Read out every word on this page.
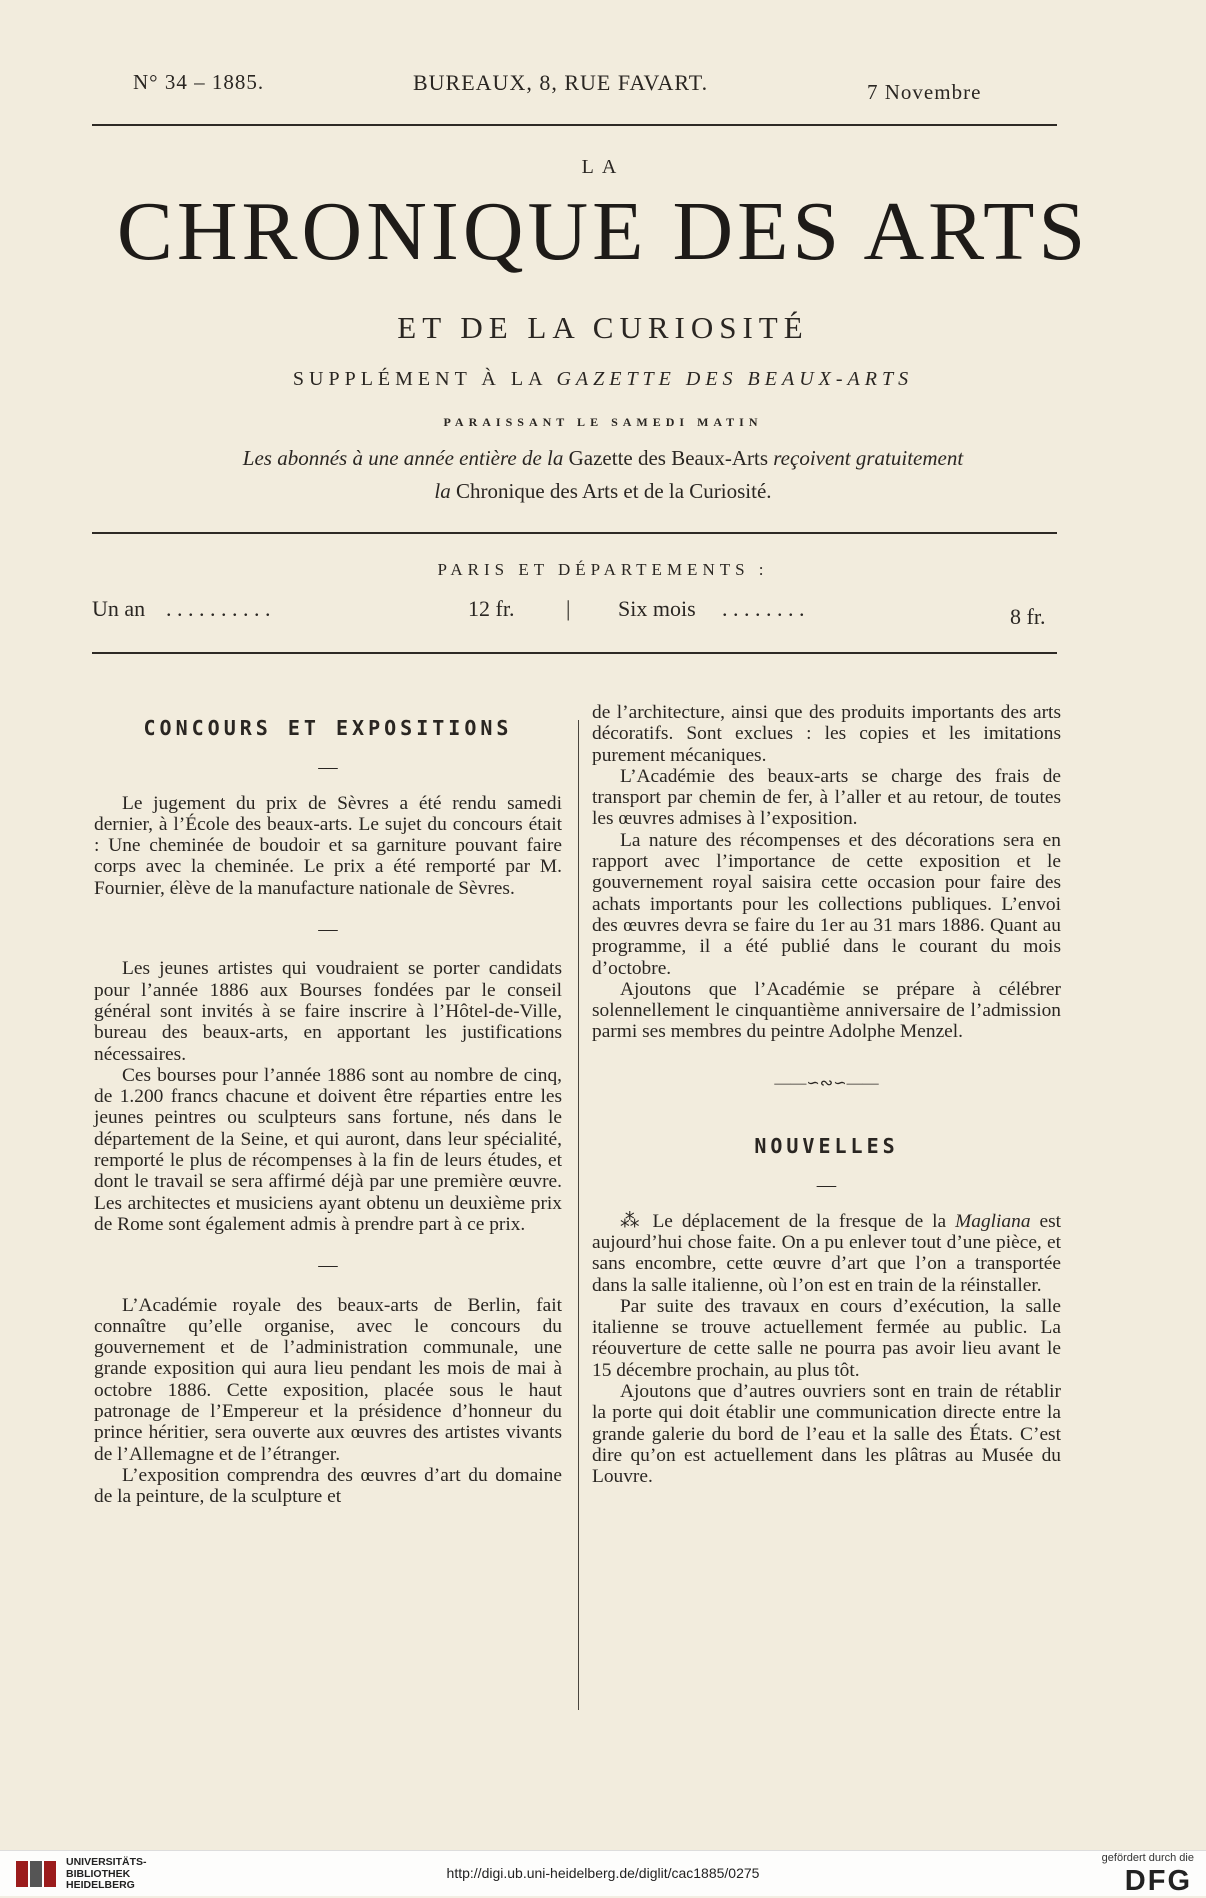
N° 34 – 1885.	BUREAUX, 8, RUE FAVART.	7 Novembre
LA
CHRONIQUE DES ARTS
ET DE LA CURIOSITÉ
SUPPLÉMENT À LA GAZETTE DES BEAUX-ARTS
PARAISSANT LE SAMEDI MATIN
Les abonnés à une année entière de la Gazette des Beaux-Arts reçoivent gratuitement
la Chronique des Arts et de la Curiosité.
PARIS ET DÉPARTEMENTS :
Un an . . . . . . . . . .	12 fr. | Six mois . . . . . . . .	8 fr.
CONCOURS ET EXPOSITIONS

—

Le jugement du prix de Sèvres a été rendu samedi dernier, à l’École des beaux-arts. Le sujet du concours était : Une cheminée de boudoir et sa garniture pouvant faire corps avec la cheminée. Le prix a été remporté par M. Fournier, élève de la manufacture nationale de Sèvres.

—

Les jeunes artistes qui voudraient se porter candidats pour l’année 1886 aux Bourses fondées par le conseil général sont invités à se faire inscrire à l’Hôtel-de-Ville, bureau des beaux-arts, en apportant les justifications nécessaires.

Ces bourses pour l’année 1886 sont au nombre de cinq, de 1.200 francs chacune et doivent être réparties entre les jeunes peintres ou sculpteurs sans fortune, nés dans le département de la Seine, et qui auront, dans leur spécialité, remporté le plus de récompenses à la fin de leurs études, et dont le travail se sera affirmé déjà par une première œuvre. Les architectes et musiciens ayant obtenu un deuxième prix de Rome sont également admis à prendre part à ce prix.

—

L’Académie royale des beaux-arts de Berlin, fait connaître qu’elle organise, avec le concours du gouvernement et de l’administration communale, une grande exposition qui aura lieu pendant les mois de mai à octobre 1886. Cette exposition, placée sous le haut patronage de l’Empereur et la présidence d’honneur du prince héritier, sera ouverte aux œuvres des artistes vivants de l’Allemagne et de l’étranger.

L’exposition comprendra des œuvres d’art du domaine de la peinture, de la sculpture et

de l’architecture, ainsi que des produits importants des arts décoratifs. Sont exclues : les copies et les imitations purement mécaniques.

L’Académie des beaux-arts se charge des frais de transport par chemin de fer, à l’aller et au retour, de toutes les œuvres admises à l’exposition.

La nature des récompenses et des décorations sera en rapport avec l’importance de cette exposition et le gouvernement royal saisira cette occasion pour faire des achats importants pour les collections publiques. L’envoi des œuvres devra se faire du 1er au 31 mars 1886. Quant au programme, il a été publié dans le courant du mois d’octobre.

Ajoutons que l’Académie se prépare à célébrer solennellement le cinquantième anniversaire de l’admission parmi ses membres du peintre Adolphe Menzel.

——∽∾∽——
NOUVELLES

—

⁂ Le déplacement de la fresque de la Magliana est aujourd’hui chose faite. On a pu enlever tout d’une pièce, et sans encombre, cette œuvre d’art que l’on a transportée dans la salle italienne, où l’on est en train de la réinstaller.

Par suite des travaux en cours d’exécution, la salle italienne se trouve actuellement fermée au public. La réouverture de cette salle ne pourra pas avoir lieu avant le 15 décembre prochain, au plus tôt.

Ajoutons que d’autres ouvriers sont en train de rétablir la porte qui doit établir une communication directe entre la grande galerie du bord de l’eau et la salle des États. C’est dire qu’on est actuellement dans les plâtras au Musée du Louvre.

UNIVERSITÄTS-
BIBLIOTHEK
HEIDELBERG
http://digi.ub.uni-heidelberg.de/diglit/cac1885/0275
gefördert durch die
DFG
